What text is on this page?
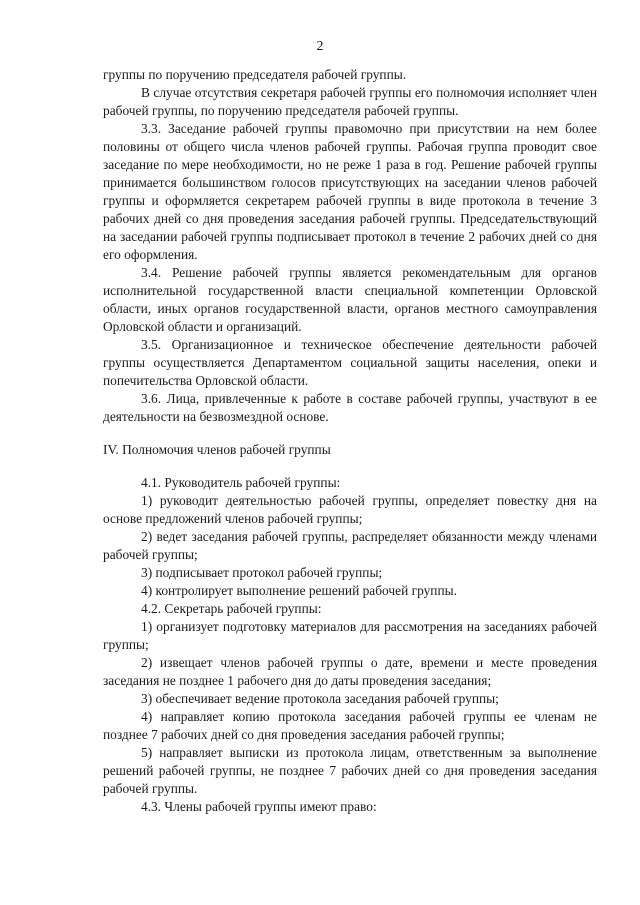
2

группы по поручению председателя рабочей группы.

В случае отсутствия секретаря рабочей группы его полномочия исполняет член рабочей группы, по поручению председателя рабочей группы.

3.3. Заседание рабочей группы правомочно при присутствии на нем более половины от общего числа членов рабочей группы. Рабочая группа проводит свое заседание по мере необходимости, но не реже 1 раза в год. Решение рабочей группы принимается большинством голосов присутствующих на заседании членов рабочей группы и оформляется секретарем рабочей группы в виде протокола в течение 3 рабочих дней со дня проведения заседания рабочей группы. Председательствующий на заседании рабочей группы подписывает протокол в течение 2 рабочих дней со дня его оформления.

3.4. Решение рабочей группы является рекомендательным для органов исполнительной государственной власти специальной компетенции Орловской области, иных органов государственной власти, органов местного самоуправления Орловской области и организаций.

3.5. Организационное и техническое обеспечение деятельности рабочей группы осуществляется Департаментом социальной защиты населения, опеки и попечительства Орловской области.

3.6. Лица, привлеченные к работе в составе рабочей группы, участвуют в ее деятельности на безвозмездной основе.

IV. Полномочия членов рабочей группы

4.1. Руководитель рабочей группы:

1) руководит деятельностью рабочей группы, определяет повестку дня на основе предложений членов рабочей группы;

2) ведет заседания рабочей группы, распределяет обязанности между членами рабочей группы;

3) подписывает протокол рабочей группы;

4) контролирует выполнение решений рабочей группы.

4.2. Секретарь рабочей группы:

1) организует подготовку материалов для рассмотрения на заседаниях рабочей группы;

2) извещает членов рабочей группы о дате, времени и месте проведения заседания не позднее 1 рабочего дня до даты проведения заседания;

3) обеспечивает ведение протокола заседания рабочей группы;

4) направляет копию протокола заседания рабочей группы ее членам не позднее 7 рабочих дней со дня проведения заседания рабочей группы;

5) направляет выписки из протокола лицам, ответственным за выполнение решений рабочей группы, не позднее 7 рабочих дней со дня проведения заседания рабочей группы.

4.3. Члены рабочей группы имеют право:
